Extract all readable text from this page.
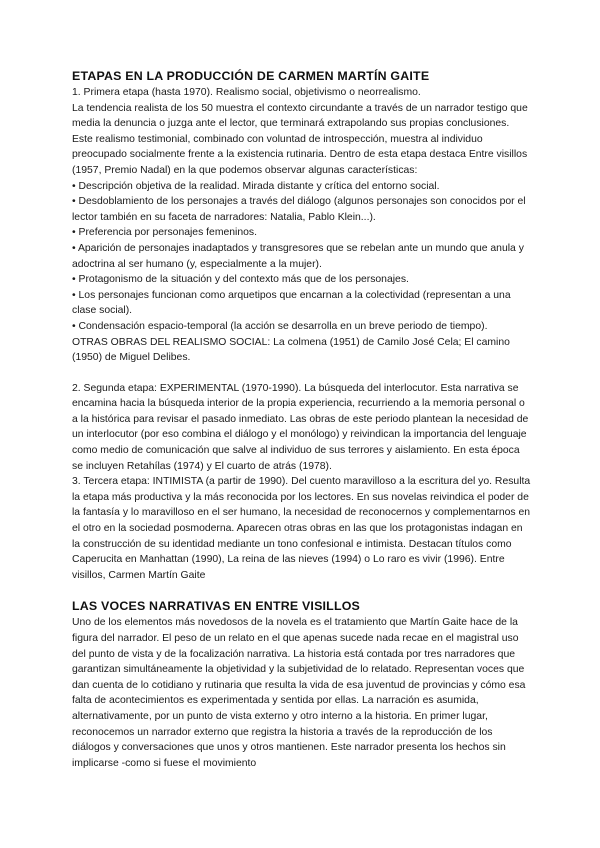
ETAPAS EN LA PRODUCCIÓN DE CARMEN MARTÍN GAITE

1. Primera etapa (hasta 1970). Realismo social, objetivismo o neorrealismo.

La tendencia realista de los 50 muestra el contexto circundante a través de un narrador testigo que media la denuncia o juzga ante el lector, que terminará extrapolando sus propias conclusiones. Este realismo testimonial, combinado con voluntad de introspección, muestra al individuo preocupado socialmente frente a la existencia rutinaria. Dentro de esta etapa destaca Entre visillos (1957, Premio Nadal) en la que podemos observar algunas características:

• Descripción objetiva de la realidad. Mirada distante y crítica del entorno social.

• Desdoblamiento de los personajes a través del diálogo (algunos personajes son conocidos por el lector también en su faceta de narradores: Natalia, Pablo Klein...).

• Preferencia por personajes femeninos.

• Aparición de personajes inadaptados y transgresores que se rebelan ante un mundo que anula y adoctrina al ser humano (y, especialmente a la mujer).

• Protagonismo de la situación y del contexto más que de los personajes.

• Los personajes funcionan como arquetipos que encarnan a la colectividad (representan a una clase social).

• Condensación espacio-temporal (la acción se desarrolla en un breve periodo de tiempo).

OTRAS OBRAS DEL REALISMO SOCIAL: La colmena (1951) de Camilo José Cela; El camino (1950) de Miguel Delibes.

2. Segunda etapa: EXPERIMENTAL (1970-1990). La búsqueda del interlocutor. Esta narrativa se encamina hacia la búsqueda interior de la propia experiencia, recurriendo a la memoria personal o a la histórica para revisar el pasado inmediato. Las obras de este periodo plantean la necesidad de un interlocutor (por eso combina el diálogo y el monólogo) y reivindican la importancia del lenguaje como medio de comunicación que salve al individuo de sus terrores y aislamiento. En esta época se incluyen Retahílas (1974) y El cuarto de atrás (1978).

3. Tercera etapa: INTIMISTA (a partir de 1990). Del cuento maravilloso a la escritura del yo. Resulta la etapa más productiva y la más reconocida por los lectores. En sus novelas reivindica el poder de la fantasía y lo maravilloso en el ser humano, la necesidad de reconocernos y complementarnos en el otro en la sociedad posmoderna. Aparecen otras obras en las que los protagonistas indagan en la construcción de su identidad mediante un tono confesional e intimista. Destacan títulos como Caperucita en Manhattan (1990), La reina de las nieves (1994) o Lo raro es vivir (1996). Entre visillos, Carmen Martín Gaite

LAS VOCES NARRATIVAS EN ENTRE VISILLOS

Uno de los elementos más novedosos de la novela es el tratamiento que Martín Gaite hace de la figura del narrador. El peso de un relato en el que apenas sucede nada recae en el magistral uso del punto de vista y de la focalización narrativa. La historia está contada por tres narradores que garantizan simultáneamente la objetividad y la subjetividad de lo relatado. Representan voces que dan cuenta de lo cotidiano y rutinaria que resulta la vida de esa juventud de provincias y cómo esa falta de acontecimientos es experimentada y sentida por ellas. La narración es asumida, alternativamente, por un punto de vista externo y otro interno a la historia. En primer lugar, reconocemos un narrador externo que registra la historia a través de la reproducción de los diálogos y conversaciones que unos y otros mantienen. Este narrador presenta los hechos sin implicarse -como si fuese el movimiento
